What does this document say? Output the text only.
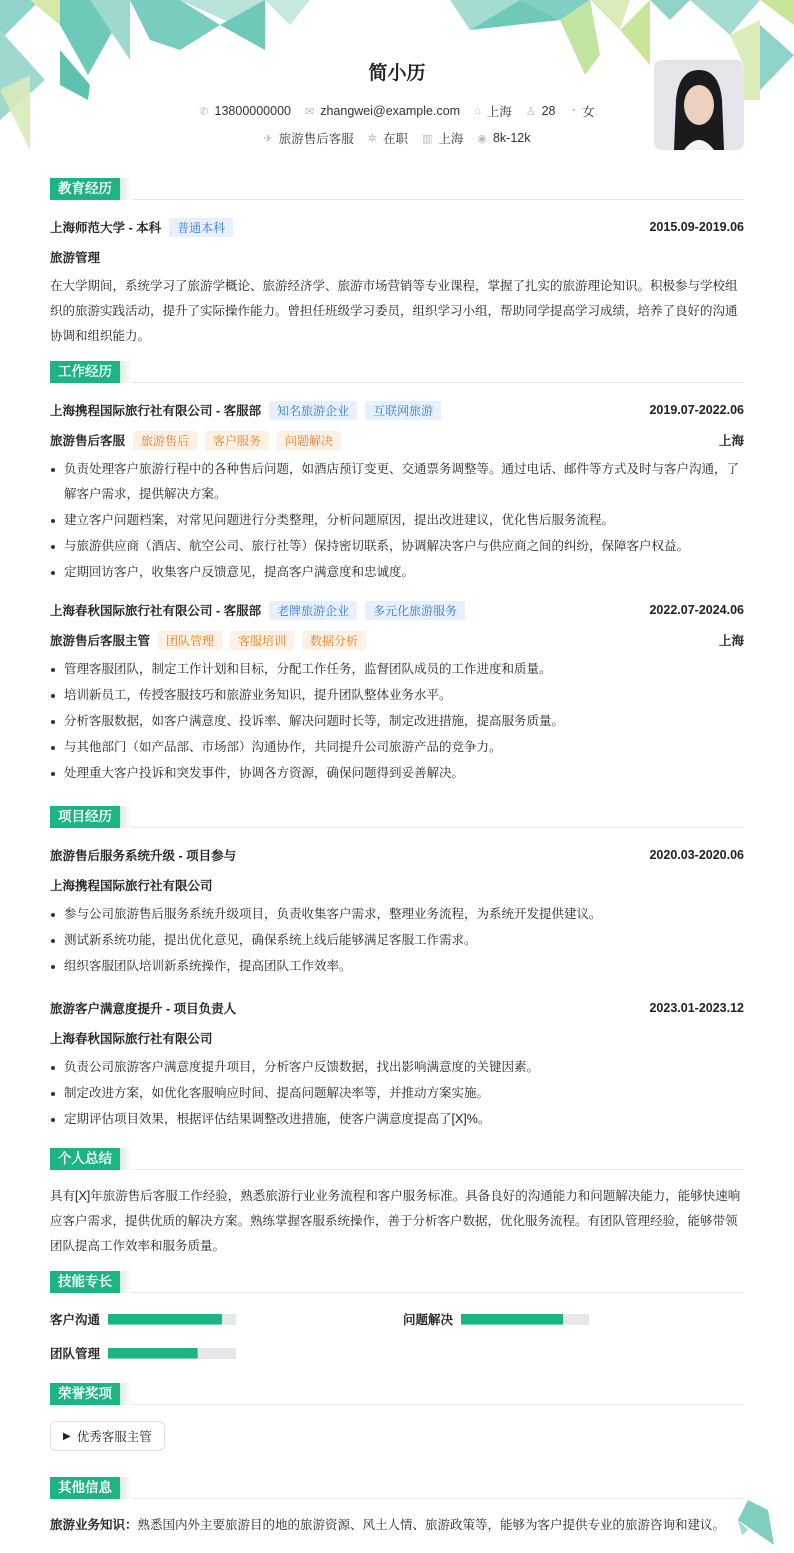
简小历
✆ 13800000000 ✉ zhangwei@example.com ⌂ 上海 ♙ 28 ◔ 女
✈ 旅游售后客服 ✲ 在职 ▥ 上海 ◉ 8k-12k
教育经历
上海师范大学 - 本科	普通本科	2015.09-2019.06
旅游管理
在大学期间，系统学习了旅游学概论、旅游经济学、旅游市场营销等专业课程，掌握了扎实的旅游理论知识。积极参与学校组织的旅游实践活动，提升了实际操作能力。曾担任班级学习委员，组织学习小组，帮助同学提高学习成绩，培养了良好的沟通协调和组织能力。
工作经历
上海携程国际旅行社有限公司 - 客服部	知名旅游企业	互联网旅游	2019.07-2022.06
旅游售后客服	旅游售后	客户服务	问题解决	上海
负责处理客户旅游行程中的各种售后问题，如酒店预订变更、交通票务调整等。通过电话、邮件等方式及时与客户沟通，了解客户需求，提供解决方案。
建立客户问题档案，对常见问题进行分类整理，分析问题原因，提出改进建议，优化售后服务流程。
与旅游供应商（酒店、航空公司、旅行社等）保持密切联系，协调解决客户与供应商之间的纠纷，保障客户权益。
定期回访客户，收集客户反馈意见，提高客户满意度和忠诚度。
上海春秋国际旅行社有限公司 - 客服部	老牌旅游企业	多元化旅游服务	2022.07-2024.06
旅游售后客服主管	团队管理	客服培训	数据分析	上海
管理客服团队，制定工作计划和目标，分配工作任务，监督团队成员的工作进度和质量。
培训新员工，传授客服技巧和旅游业务知识，提升团队整体业务水平。
分析客服数据，如客户满意度、投诉率、解决问题时长等，制定改进措施，提高服务质量。
与其他部门（如产品部、市场部）沟通协作，共同提升公司旅游产品的竞争力。
处理重大客户投诉和突发事件，协调各方资源，确保问题得到妥善解决。
项目经历
旅游售后服务系统升级 - 项目参与	2020.03-2020.06
上海携程国际旅行社有限公司
参与公司旅游售后服务系统升级项目，负责收集客户需求，整理业务流程，为系统开发提供建议。
测试新系统功能，提出优化意见，确保系统上线后能够满足客服工作需求。
组织客服团队培训新系统操作，提高团队工作效率。
旅游客户满意度提升 - 项目负责人	2023.01-2023.12
上海春秋国际旅行社有限公司
负责公司旅游客户满意度提升项目，分析客户反馈数据，找出影响满意度的关键因素。
制定改进方案，如优化客服响应时间、提高问题解决率等，并推动方案实施。
定期评估项目效果，根据评估结果调整改进措施，使客户满意度提高了[X]%。
个人总结
具有[X]年旅游售后客服工作经验，熟悉旅游行业业务流程和客户服务标准。具备良好的沟通能力和问题解决能力，能够快速响应客户需求，提供优质的解决方案。熟练掌握客服系统操作，善于分析客户数据，优化服务流程。有团队管理经验，能够带领团队提高工作效率和服务质量。
技能专长
客户沟通	问题解决
团队管理
荣誉奖项
▶ 优秀客服主管
其他信息
旅游业务知识：熟悉国内外主要旅游目的地的旅游资源、风土人情、旅游政策等，能够为客户提供专业的旅游咨询和建议。
